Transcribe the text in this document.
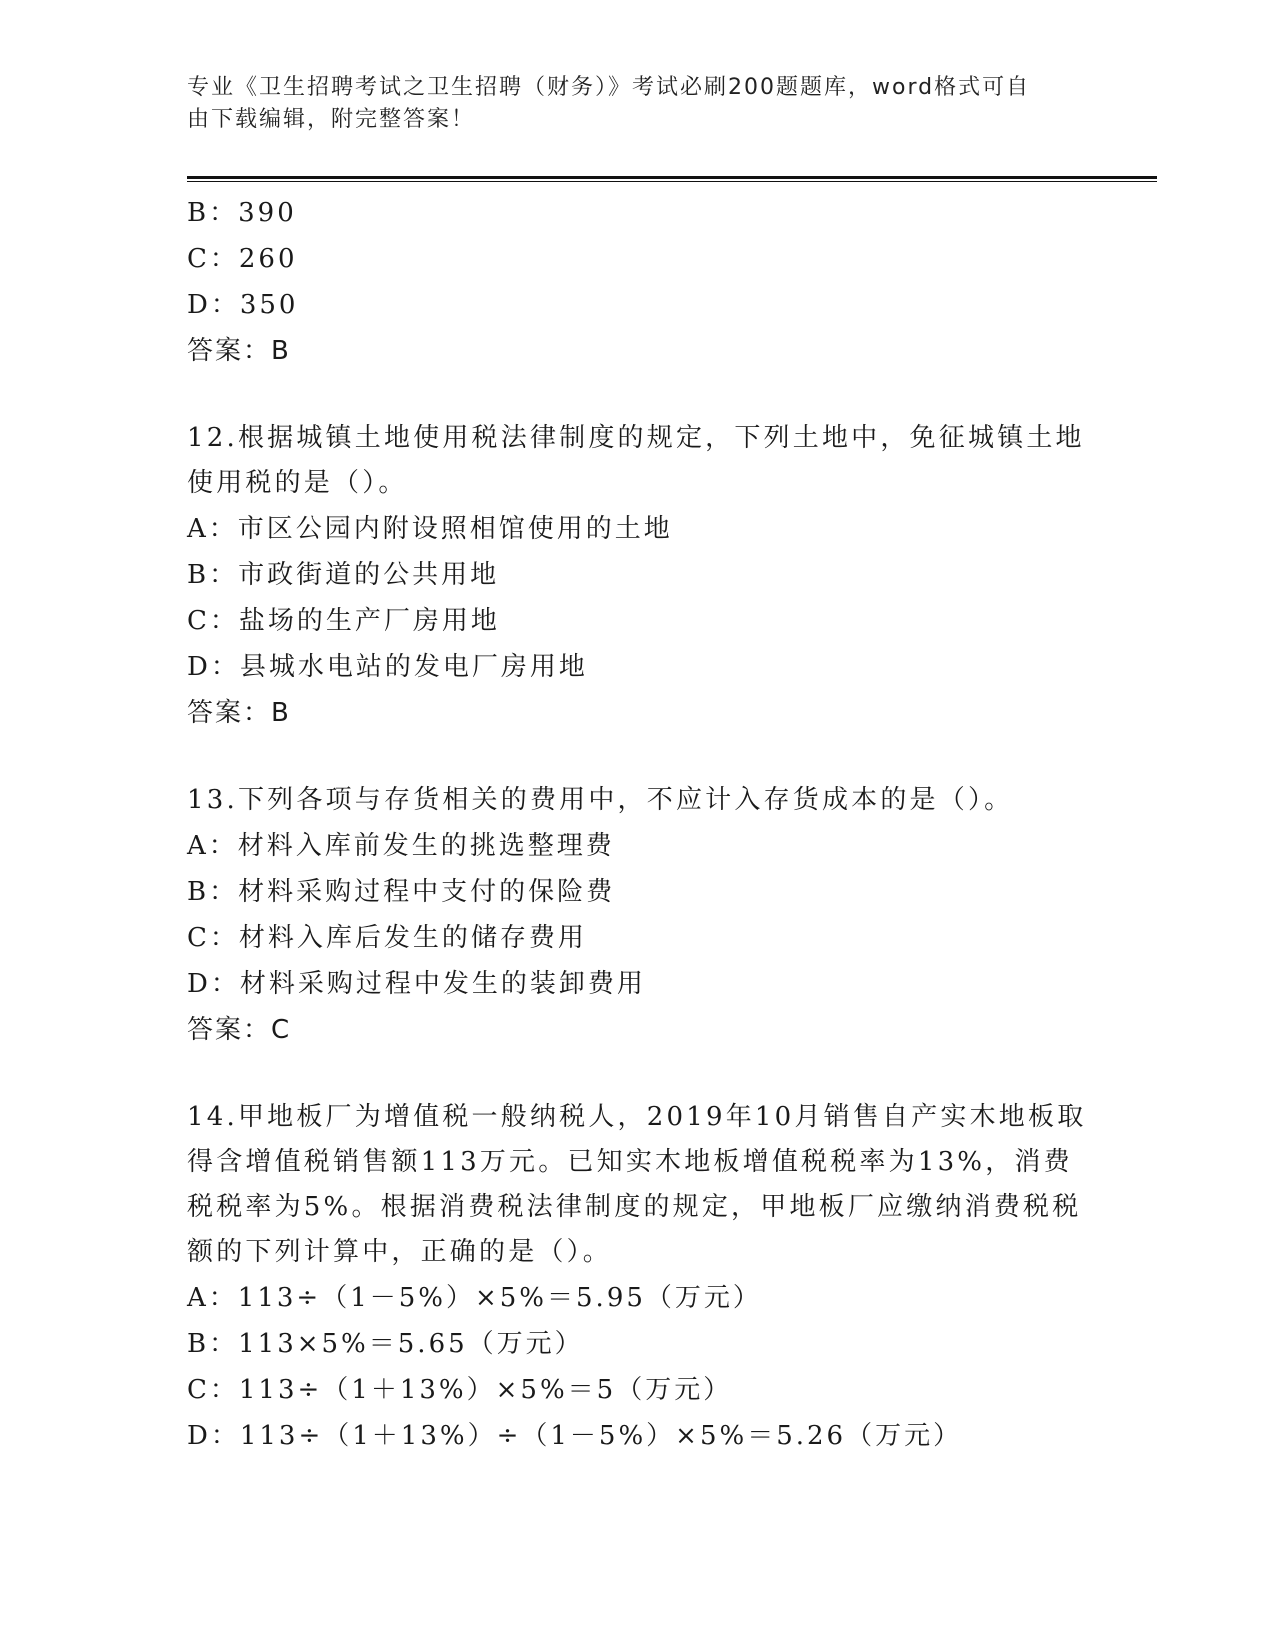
专业《卫生招聘考试之卫生招聘（财务）》考试必刷200题题库，word格式可自
由下载编辑，附完整答案！
B：390
C：260
D：350
答案：B
12.根据城镇土地使用税法律制度的规定，下列土地中，免征城镇土地
使用税的是（）。
A：市区公园内附设照相馆使用的土地
B：市政街道的公共用地
C：盐场的生产厂房用地
D：县城水电站的发电厂房用地
答案：B
13.下列各项与存货相关的费用中，不应计入存货成本的是（）。
A：材料入库前发生的挑选整理费
B：材料采购过程中支付的保险费
C：材料入库后发生的储存费用
D：材料采购过程中发生的装卸费用
答案：C
14.甲地板厂为增值税一般纳税人，2019年10月销售自产实木地板取
得含增值税销售额113万元。已知实木地板增值税税率为13%，消费
税税率为5%。根据消费税法律制度的规定，甲地板厂应缴纳消费税税
额的下列计算中，正确的是（）。
A：113÷（1－5%）×5%＝5.95（万元）
B：113×5%＝5.65（万元）
C：113÷（1＋13%）×5%＝5（万元）
D：113÷（1＋13%）÷（1－5%）×5%＝5.26（万元）
